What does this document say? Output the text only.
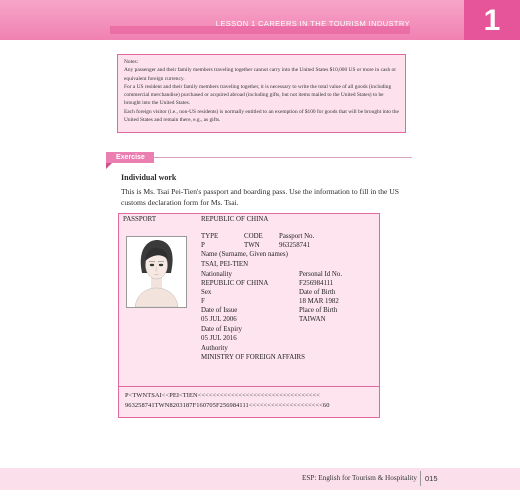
LESSON 1 CAREERS IN THE TOURISM INDUSTRY	1

Notes:

Any passenger and their family members traveling together cannot carry into the United States $10,000 US or more in cash or equivalent foreign currency.

For a US resident and their family members traveling together, it is necessary to write the total value of all goods (including commercial merchandise) purchased or acquired abroad (including gifts, but not items mailed to the United States) to be brought into the United States.

Each foreign visitor (i.e., non-US residents) is normally entitled to an exemption of $100 for goods that will be brought into the United States and remain there, e.g., as gifts.

Exercise
Individual work
This is Ms. Tsai Pei-Tien's passport and boarding pass. Use the information to fill in the US customs declaration form for Ms. Tsai.
PASSPORT	REPUBLIC OF CHINA
TYPE	CODE Passport No.
P	TWN	963258741
Name (Surname, Given names)
TSAI, PEI-TIEN
Nationality	Personal Id No.
REPUBLIC OF CHINA	F256984111
Sex	Date of Birth
F	18 MAR 1982
Date of Issue	Place of Birth
05 JUL 2006	TAIWAN
Date of Expiry
05 JUL 2016
Authority
MINISTRY OF FOREIGN AFFAIRS
P<TWNTSAI<<PEI<TIEN<<<<<<<<<<<<<<<<<<<<<<<<<<<<<<<<<
963258741TWN8203187F160705F256984111<<<<<<<<<<<<<<<<<<<<60
ESP: English for Tourism & Hospitality 015
